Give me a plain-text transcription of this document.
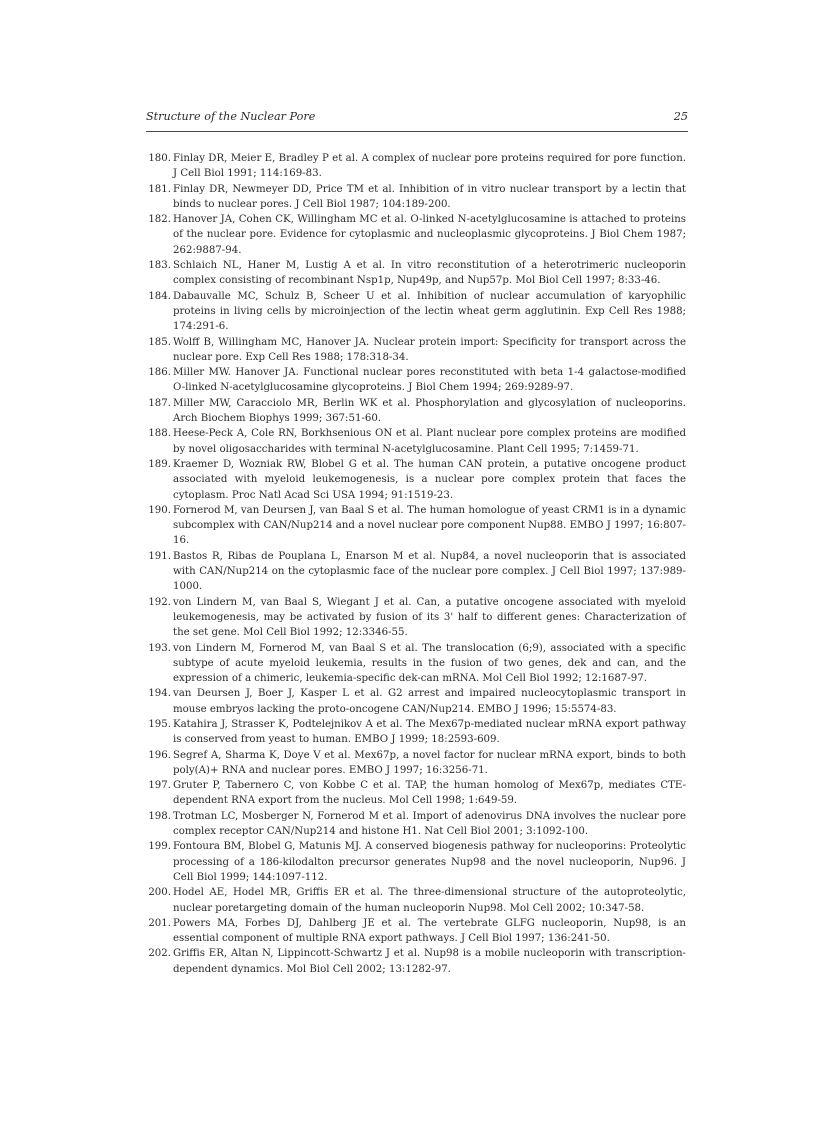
Structure of the Nuclear Pore	25
180. Finlay DR, Meier E, Bradley P et al. A complex of nuclear pore proteins required for pore function. J Cell Biol 1991; 114:169-83.
181. Finlay DR, Newmeyer DD, Price TM et al. Inhibition of in vitro nuclear transport by a lectin that binds to nuclear pores. J Cell Biol 1987; 104:189-200.
182. Hanover JA, Cohen CK, Willingham MC et al. O-linked N-acetylglucosamine is attached to proteins of the nuclear pore. Evidence for cytoplasmic and nucleoplasmic glycoproteins. J Biol Chem 1987; 262:9887-94.
183. Schlaich NL, Haner M, Lustig A et al. In vitro reconstitution of a heterotrimeric nucleoporin complex consisting of recombinant Nsp1p, Nup49p, and Nup57p. Mol Biol Cell 1997; 8:33-46.
184. Dabauvalle MC, Schulz B, Scheer U et al. Inhibition of nuclear accumulation of karyophilic proteins in living cells by microinjection of the lectin wheat germ agglutinin. Exp Cell Res 1988; 174:291-6.
185. Wolff B, Willingham MC, Hanover JA. Nuclear protein import: Specificity for transport across the nuclear pore. Exp Cell Res 1988; 178:318-34.
186. Miller MW. Hanover JA. Functional nuclear pores reconstituted with beta 1-4 galactose-modified O-linked N-acetylglucosamine glycoproteins. J Biol Chem 1994; 269:9289-97.
187. Miller MW, Caracciolo MR, Berlin WK et al. Phosphorylation and glycosylation of nucleoporins. Arch Biochem Biophys 1999; 367:51-60.
188. Heese-Peck A, Cole RN, Borkhsenious ON et al. Plant nuclear pore complex proteins are modified by novel oligosaccharides with terminal N-acetylglucosamine. Plant Cell 1995; 7:1459-71.
189. Kraemer D, Wozniak RW, Blobel G et al. The human CAN protein, a putative oncogene product associated with myeloid leukemogenesis, is a nuclear pore complex protein that faces the cytoplasm. Proc Natl Acad Sci USA 1994; 91:1519-23.
190. Fornerod M, van Deursen J, van Baal S et al. The human homologue of yeast CRM1 is in a dynamic subcomplex with CAN/Nup214 and a novel nuclear pore component Nup88. EMBO J 1997; 16:807-16.
191. Bastos R, Ribas de Pouplana L, Enarson M et al. Nup84, a novel nucleoporin that is associated with CAN/Nup214 on the cytoplasmic face of the nuclear pore complex. J Cell Biol 1997; 137:989-1000.
192. von Lindern M, van Baal S, Wiegant J et al. Can, a putative oncogene associated with myeloid leukemogenesis, may be activated by fusion of its 3' half to different genes: Characterization of the set gene. Mol Cell Biol 1992; 12:3346-55.
193. von Lindern M, Fornerod M, van Baal S et al. The translocation (6;9), associated with a specific subtype of acute myeloid leukemia, results in the fusion of two genes, dek and can, and the expression of a chimeric, leukemia-specific dek-can mRNA. Mol Cell Biol 1992; 12:1687-97.
194. van Deursen J, Boer J, Kasper L et al. G2 arrest and impaired nucleocytoplasmic transport in mouse embryos lacking the proto-oncogene CAN/Nup214. EMBO J 1996; 15:5574-83.
195. Katahira J, Strasser K, Podtelejnikov A et al. The Mex67p-mediated nuclear mRNA export pathway is conserved from yeast to human. EMBO J 1999; 18:2593-609.
196. Segref A, Sharma K, Doye V et al. Mex67p, a novel factor for nuclear mRNA export, binds to both poly(A)+ RNA and nuclear pores. EMBO J 1997; 16:3256-71.
197. Gruter P, Tabernero C, von Kobbe C et al. TAP, the human homolog of Mex67p, mediates CTE-dependent RNA export from the nucleus. Mol Cell 1998; 1:649-59.
198. Trotman LC, Mosberger N, Fornerod M et al. Import of adenovirus DNA involves the nuclear pore complex receptor CAN/Nup214 and histone H1. Nat Cell Biol 2001; 3:1092-100.
199. Fontoura BM, Blobel G, Matunis MJ. A conserved biogenesis pathway for nucleoporins: Proteolytic processing of a 186-kilodalton precursor generates Nup98 and the novel nucleoporin, Nup96. J Cell Biol 1999; 144:1097-112.
200. Hodel AE, Hodel MR, Griffis ER et al. The three-dimensional structure of the autoproteolytic, nuclear poretargeting domain of the human nucleoporin Nup98. Mol Cell 2002; 10:347-58.
201. Powers MA, Forbes DJ, Dahlberg JE et al. The vertebrate GLFG nucleoporin, Nup98, is an essential component of multiple RNA export pathways. J Cell Biol 1997; 136:241-50.
202. Griffis ER, Altan N, Lippincott-Schwartz J et al. Nup98 is a mobile nucleoporin with transcription-dependent dynamics. Mol Biol Cell 2002; 13:1282-97.
